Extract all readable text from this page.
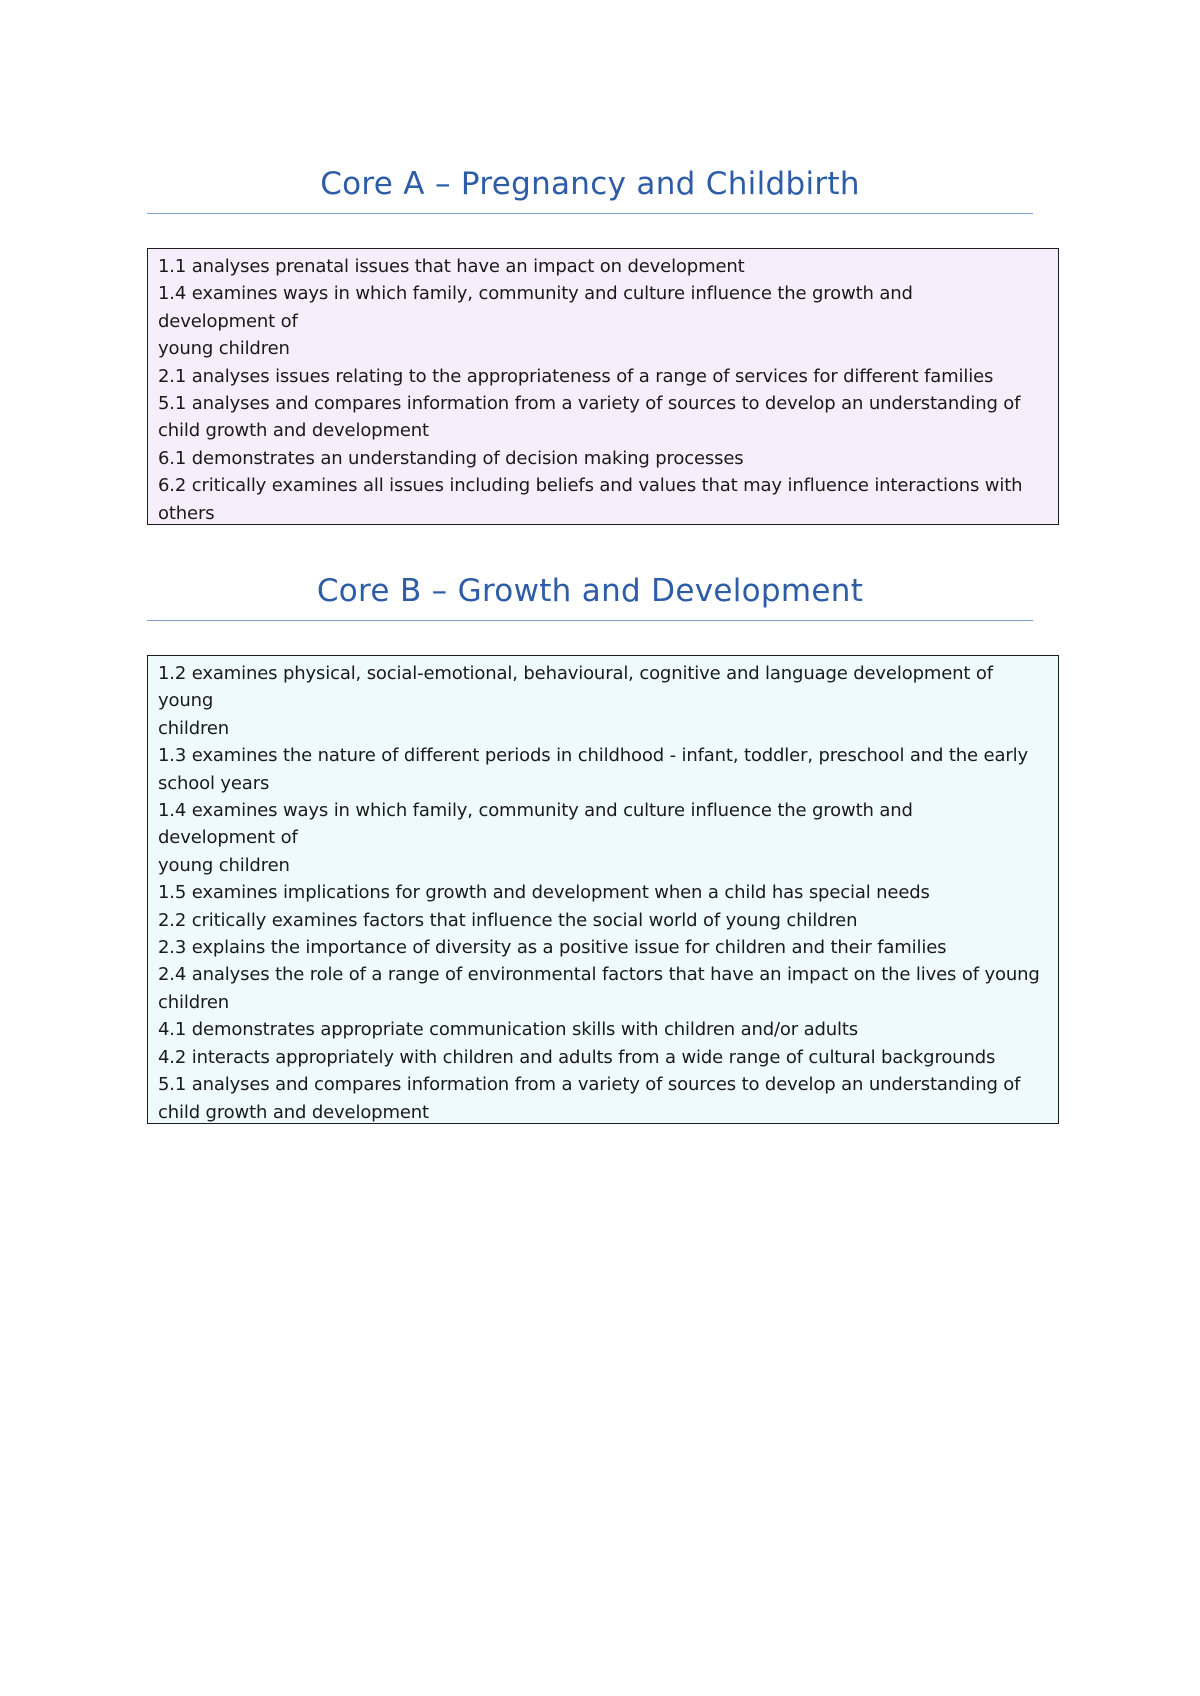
Core A – Pregnancy and Childbirth
1.1 analyses prenatal issues that have an impact on development
1.4 examines ways in which family, community and culture influence the growth and
development of
young children
2.1 analyses issues relating to the appropriateness of a range of services for different families
5.1 analyses and compares information from a variety of sources to develop an understanding of
child growth and development
6.1 demonstrates an understanding of decision making processes
6.2 critically examines all issues including beliefs and values that may influence interactions with
others
Core B – Growth and Development
1.2 examines physical, social-emotional, behavioural, cognitive and language development of
young
children
1.3 examines the nature of different periods in childhood - infant, toddler, preschool and the early
school years
1.4 examines ways in which family, community and culture influence the growth and
development of
young children
1.5 examines implications for growth and development when a child has special needs
2.2 critically examines factors that influence the social world of young children
2.3 explains the importance of diversity as a positive issue for children and their families
2.4 analyses the role of a range of environmental factors that have an impact on the lives of young
children
4.1 demonstrates appropriate communication skills with children and/or adults
4.2 interacts appropriately with children and adults from a wide range of cultural backgrounds
5.1 analyses and compares information from a variety of sources to develop an understanding of
child growth and development
